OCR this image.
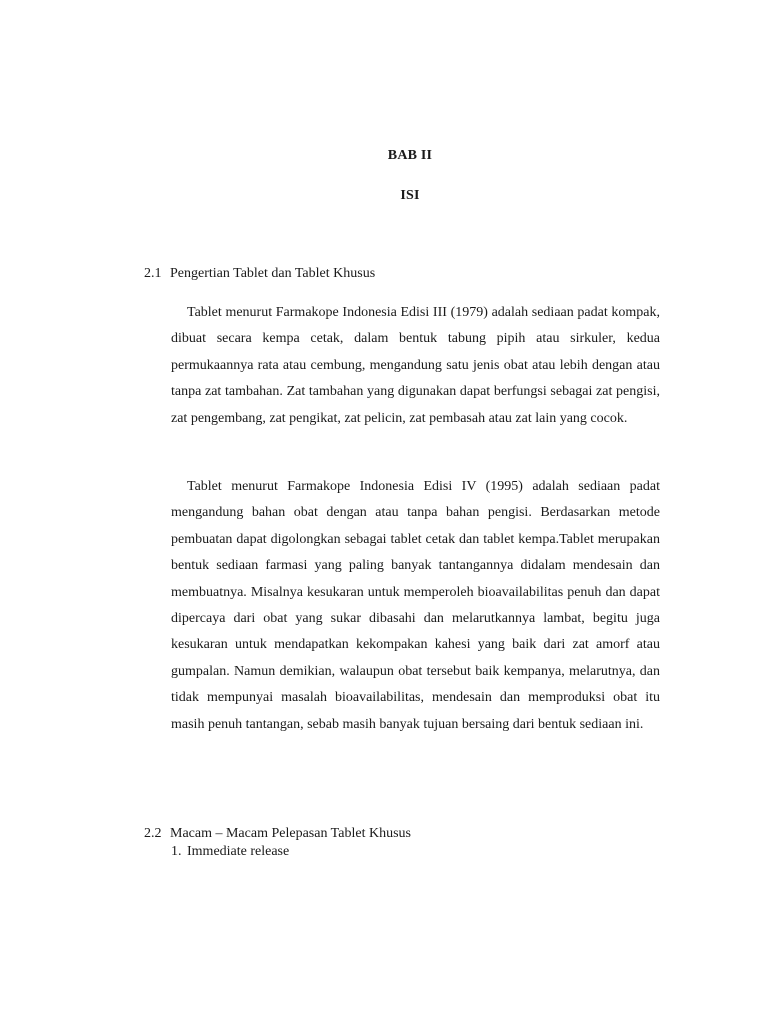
BAB II
ISI
2.1 Pengertian Tablet dan Tablet Khusus

Tablet menurut Farmakope Indonesia Edisi III (1979) adalah sediaan padat kompak, dibuat secara kempa cetak, dalam bentuk tabung pipih atau sirkuler, kedua permukaannya rata atau cembung, mengandung satu jenis obat atau lebih dengan atau tanpa zat tambahan. Zat tambahan yang digunakan dapat berfungsi sebagai zat pengisi, zat pengembang, zat pengikat, zat pelicin, zat pembasah atau zat lain yang cocok.

Tablet menurut Farmakope Indonesia Edisi IV (1995) adalah sediaan padat mengandung bahan obat dengan atau tanpa bahan pengisi. Berdasarkan metode pembuatan dapat digolongkan sebagai tablet cetak dan tablet kempa.Tablet merupakan bentuk sediaan farmasi yang paling banyak tantangannya didalam mendesain dan membuatnya. Misalnya kesukaran untuk memperoleh bioavailabilitas penuh dan dapat dipercaya dari obat yang sukar dibasahi dan melarutkannya lambat, begitu juga kesukaran untuk mendapatkan kekompakan kahesi yang baik dari zat amorf atau gumpalan. Namun demikian, walaupun obat tersebut baik kempanya, melarutnya, dan tidak mempunyai masalah bioavailabilitas, mendesain dan memproduksi obat itu masih penuh tantangan, sebab masih banyak tujuan bersaing dari bentuk sediaan ini.

2.2 Macam – Macam Pelepasan Tablet Khusus
1. Immediate release
